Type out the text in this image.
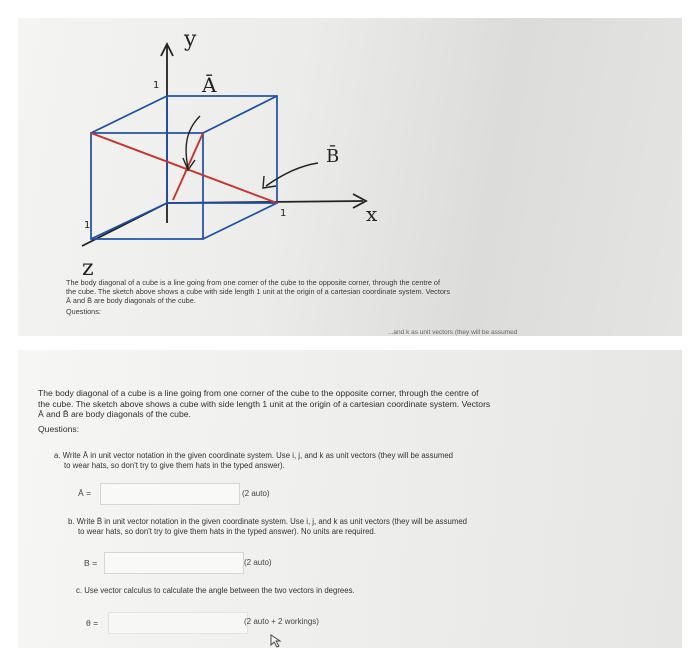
y
x
z
1
1
1
Ā
B̄
The body diagonal of a cube is a line going from one corner of the cube to the opposite corner, through the centre of
the cube. The sketch above shows a cube with side length 1 unit at the origin of a cartesian coordinate system. Vectors
Ā and B̄ are body diagonals of the cube.
Questions:
...and k as unit vectors (they will be assumed
The body diagonal of a cube is a line going from one corner of the cube to the opposite corner, through the centre of
the cube. The sketch above shows a cube with side length 1 unit at the origin of a cartesian coordinate system. Vectors
Ā and B̄ are body diagonals of the cube.
Questions:
a. Write Ā in unit vector notation in the given coordinate system. Use i, j, and k as unit vectors (they will be assumed
to wear hats, so don't try to give them hats in the typed answer).
Ā =	(2 auto)
b. Write B̄ in unit vector notation in the given coordinate system. Use i, j, and k as unit vectors (they will be assumed
to wear hats, so don't try to give them hats in the typed answer). No units are required.
B =	(2 auto)
c. Use vector calculus to calculate the angle between the two vectors in degrees.
θ =	(2 auto + 2 workings)
